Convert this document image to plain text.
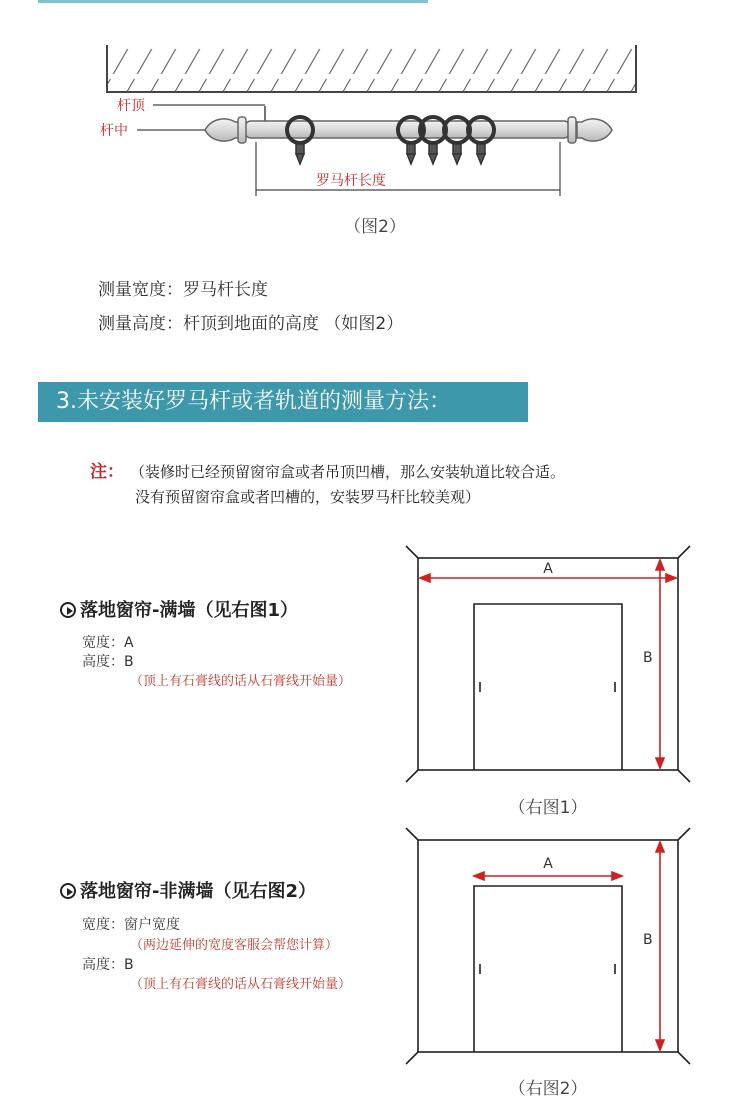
杆顶
杆中
罗马杆长度
（图2）
测量宽度：罗马杆长度
测量高度：杆顶到地面的高度 （如图2）
3.未安装好罗马杆或者轨道的测量方法：
注： （装修时已经预留窗帘盒或者吊顶凹槽，那么安装轨道比较合适。
没有预留窗帘盒或者凹槽的，安装罗马杆比较美观）
落地窗帘-满墙（见右图1）
宽度：A
高度：B
（顶上有石膏线的话从石膏线开始量）
A
B
（右图1）
落地窗帘-非满墙（见右图2）
宽度：窗户宽度
（两边延伸的宽度客服会帮您计算）
高度：B
（顶上有石膏线的话从石膏线开始量）
A
B
（右图2）
